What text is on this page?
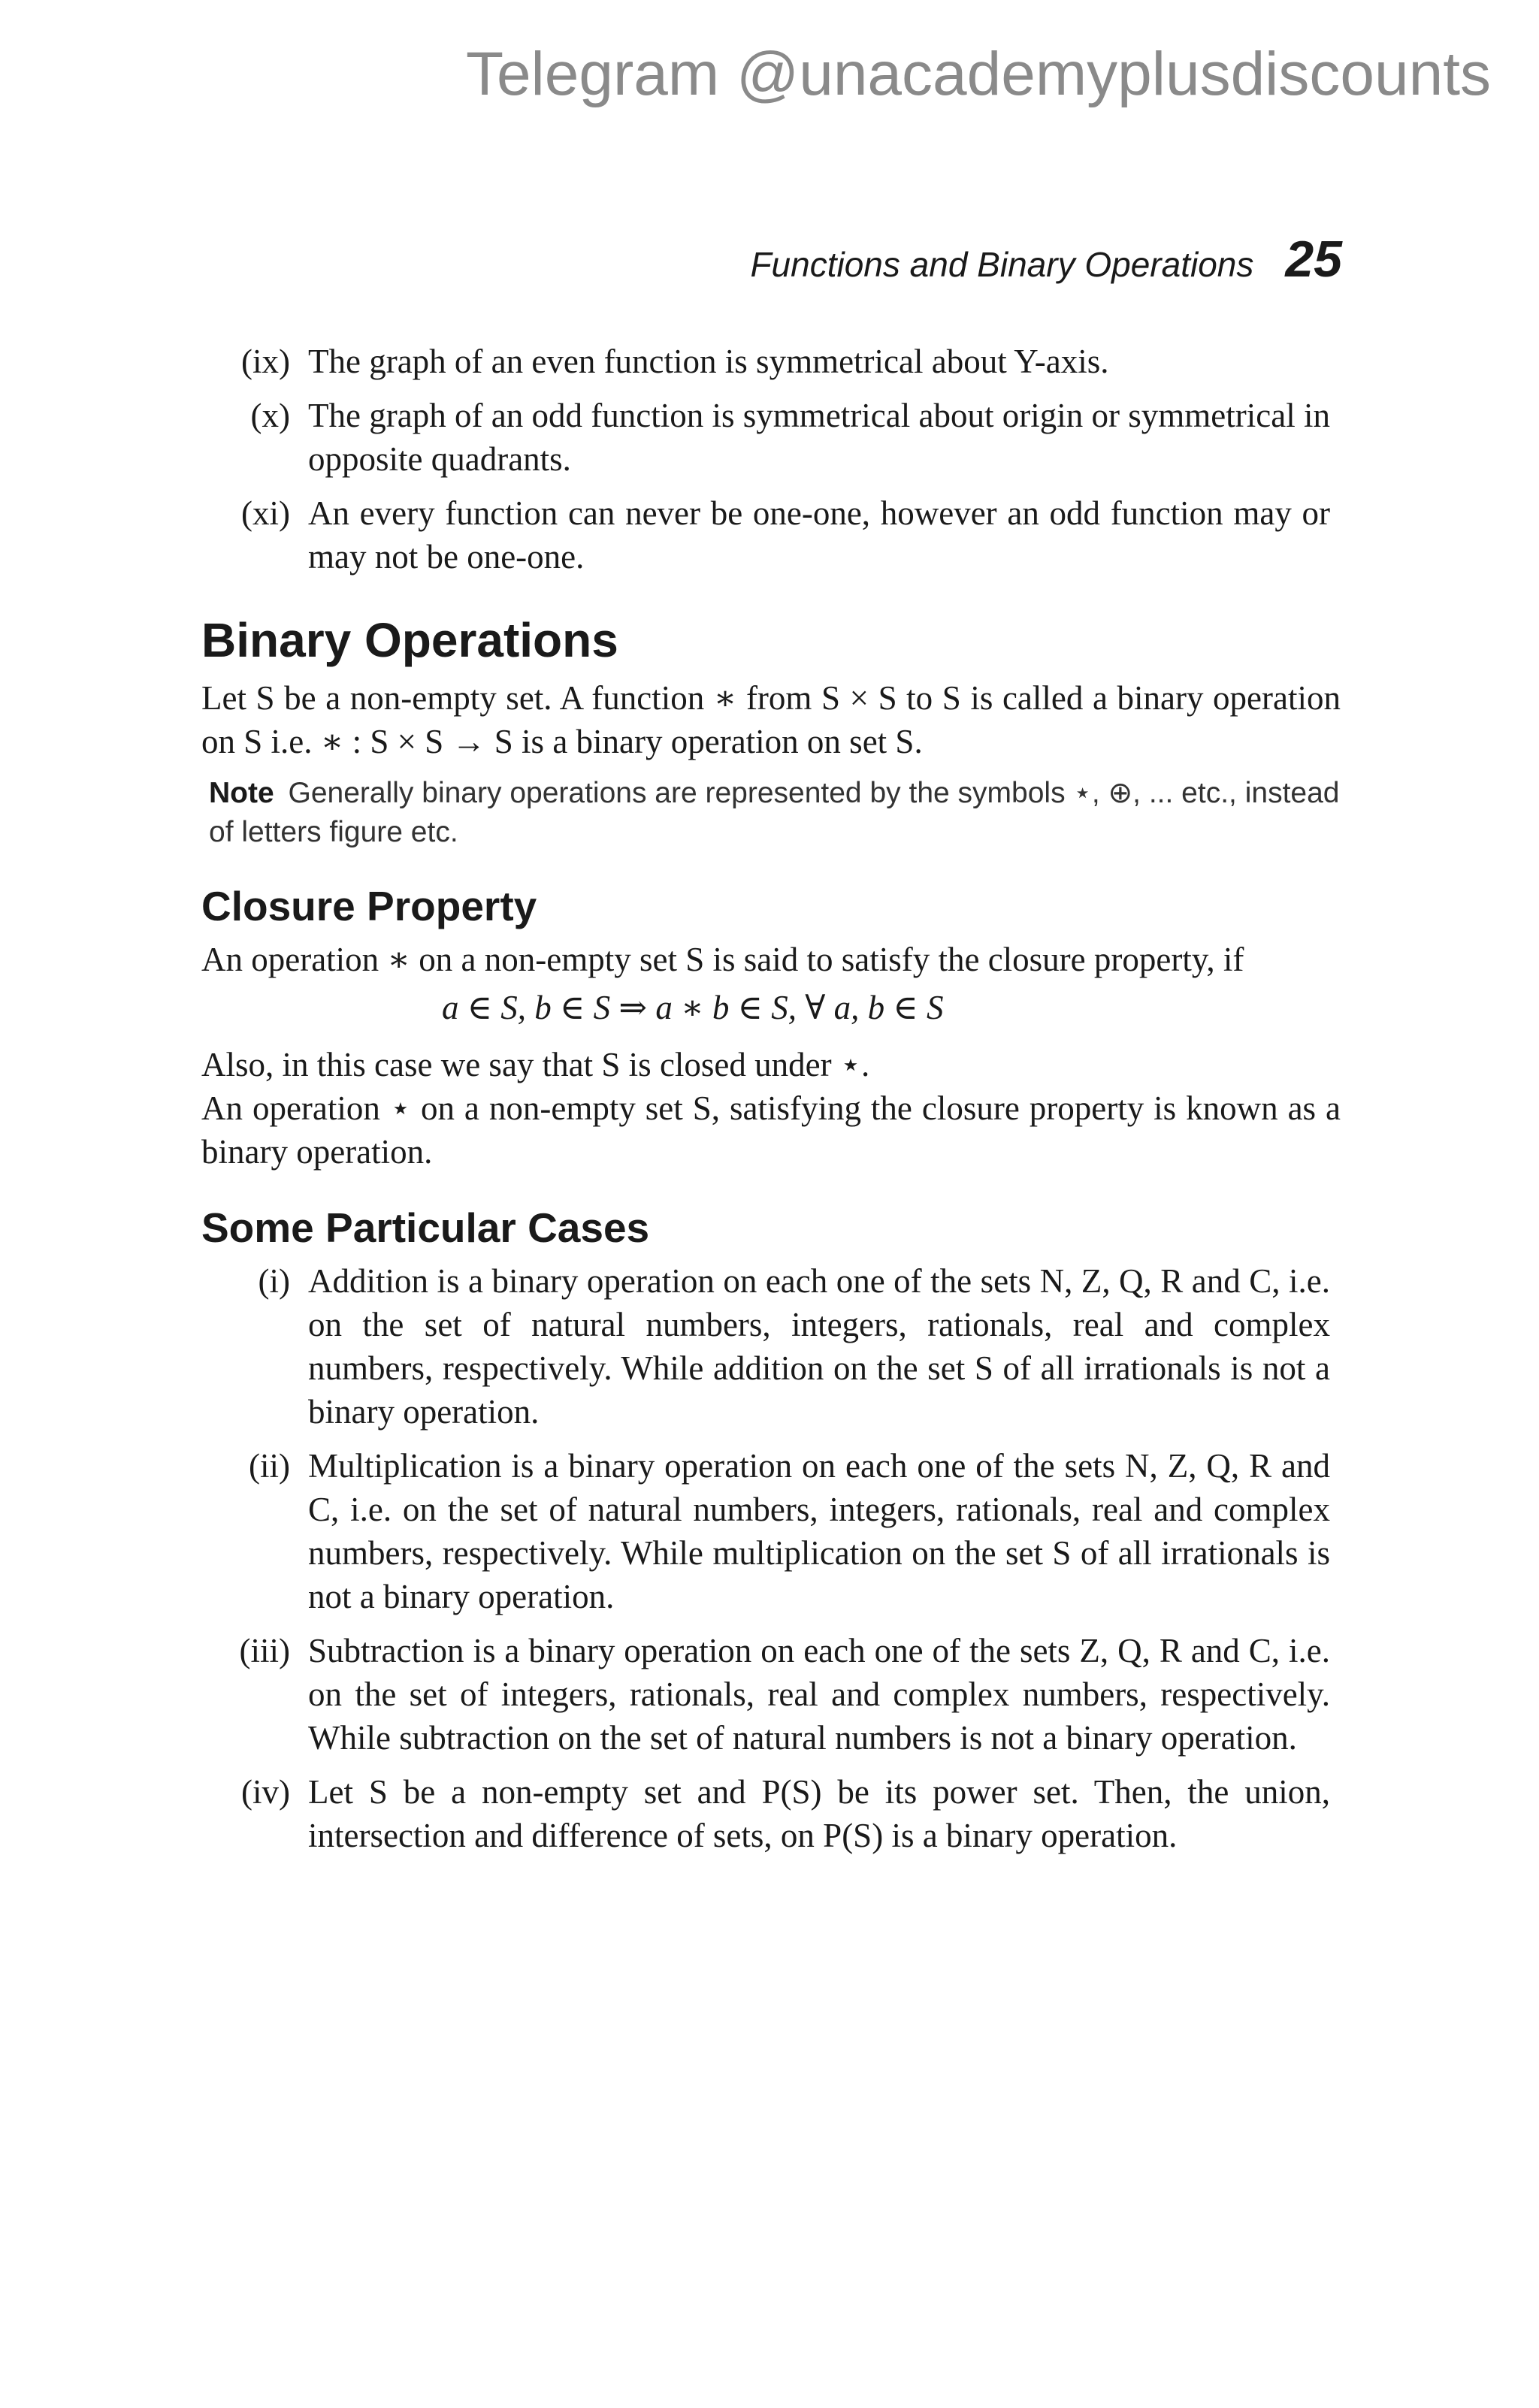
Telegram @unacademyplusdiscounts
Functions and Binary Operations 25
(ix) The graph of an even function is symmetrical about Y-axis.
(x) The graph of an odd function is symmetrical about origin or symmetrical in opposite quadrants.
(xi) An every function can never be one-one, however an odd function may or may not be one-one.
Binary Operations

Let S be a non-empty set. A function ∗ from S × S to S is called a binary operation on S i.e. ∗ : S × S → S is a binary operation on set S.

Note Generally binary operations are represented by the symbols ⋆, ⊕, ... etc., instead of letters figure etc.
Closure Property

An operation ∗ on a non-empty set S is said to satisfy the closure property, if

a ∈ S, b ∈ S ⇒ a ∗ b ∈ S, ∀ a, b ∈ S

Also, in this case we say that S is closed under ⋆.

An operation ⋆ on a non-empty set S, satisfying the closure property is known as a binary operation.

Some Particular Cases
(i) Addition is a binary operation on each one of the sets N, Z, Q, R and C, i.e. on the set of natural numbers, integers, rationals, real and complex numbers, respectively. While addition on the set S of all irrationals is not a binary operation.
(ii) Multiplication is a binary operation on each one of the sets N, Z, Q, R and C, i.e. on the set of natural numbers, integers, rationals, real and complex numbers, respectively. While multiplication on the set S of all irrationals is not a binary operation.
(iii) Subtraction is a binary operation on each one of the sets Z, Q, R and C, i.e. on the set of integers, rationals, real and complex numbers, respectively. While subtraction on the set of natural numbers is not a binary operation.
(iv) Let S be a non-empty set and P(S) be its power set. Then, the union, intersection and difference of sets, on P(S) is a binary operation.
